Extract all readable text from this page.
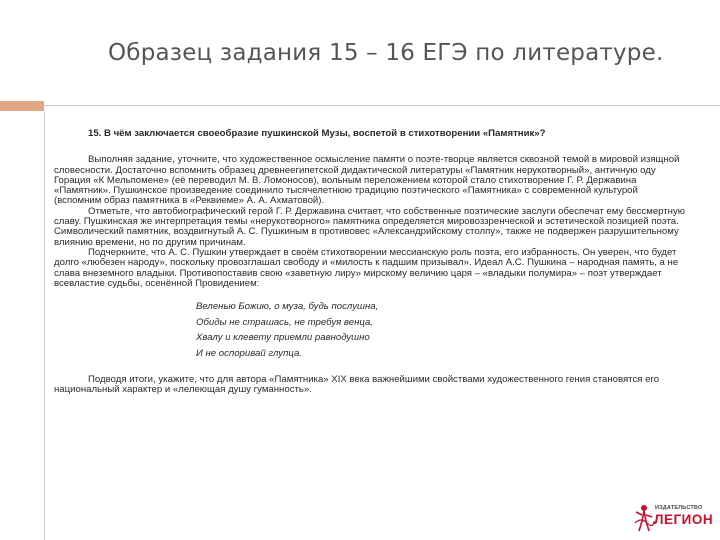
Образец задания 15 – 16 ЕГЭ по литературе.

15. В чём заключается своеобразие пушкинской Музы, воспетой в стихотворении «Памятник»?

Выполняя задание, уточните, что художественное осмысление памяти о поэте-творце является сквозной темой в мировой изящной словесности. Достаточно вспомнить образец древнеегипетской дидактической литературы «Памятник нерукотворный», античную оду Горация «К Мельпомене» (её переводил М. В. Ломоносов), вольным переложением которой стало стихотворение Г. Р. Державина «Памятник». Пушкинское произведение соединило тысячелетнюю традицию поэтического «Памятника» с современной культурой (вспомним образ памятника в «Реквиеме» А. А. Ахматовой).

Отметьте, что автобиографический герой Г. Р. Державина считает, что собственные поэтические заслуги обеспечат ему бессмертную славу. Пушкинская же интерпретация темы «нерукотворного» памятника определяется мировоззренческой и эстетической позицией поэта. Символический памятник, воздвигнутый А. С. Пушкиным в противовес «Александрийскому столпу», также не подвержен разрушительному влиянию времени, но по другим причинам.

Подчеркните, что А. С. Пушкин утверждает в своём стихотворении мессианскую роль поэта, его избранность. Он уверен, что будет долго «любезен народу», поскольку провозглашал свободу и «милость к падшим призывал». Идеал А.С. Пушкина – народная память, а не слава внеземного владыки. Противопоставив свою «заветную лиру» мирскому величию царя – «владыки полумира» – поэт утверждает всевластие судьбы, осенённой Провидением:

Веленью Божию, о муза, будь послушна,
Обиды не страшась, не требуя венца,
Хвалу и клевету приемли равнодушно
И не оспоривай глупца.

Подводя итоги, укажите, что для автора «Памятника» XIX века важнейшими свойствами художественного гения становятся его национальный характер и «лелеющая душу гуманность».

ИЗДАТЕЛЬСТВО
ЛЕГИОН
